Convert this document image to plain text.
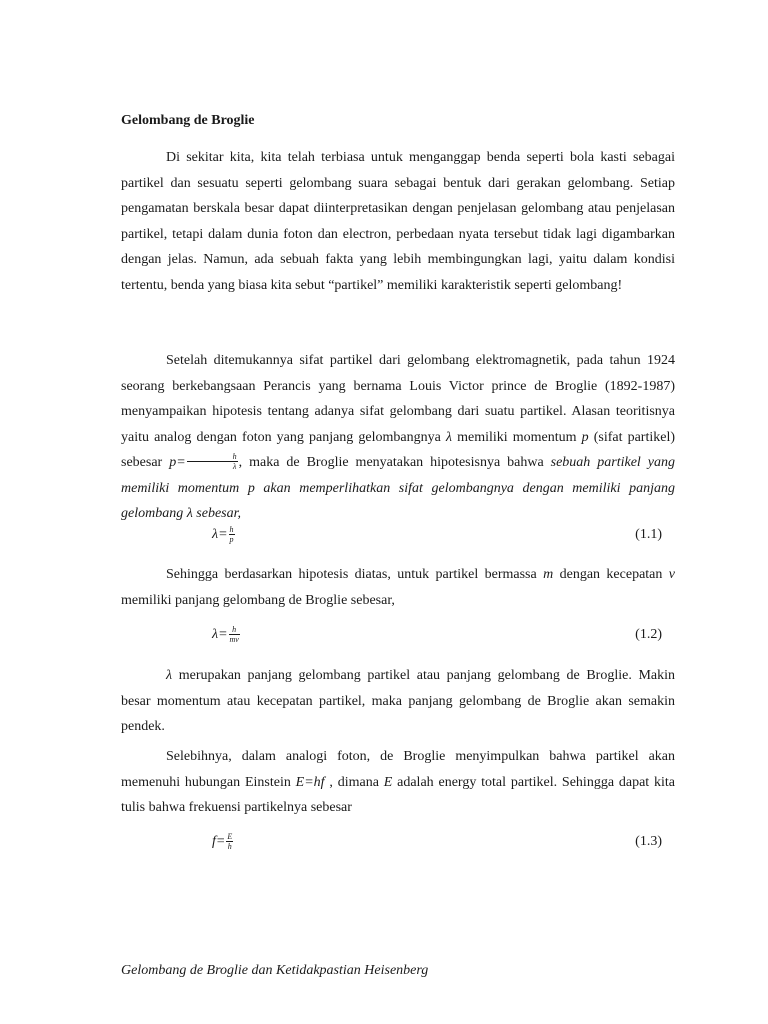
Gelombang de Broglie

Di sekitar kita, kita telah terbiasa untuk menganggap benda seperti bola kasti sebagai partikel dan sesuatu seperti gelombang suara sebagai bentuk dari gerakan gelombang. Setiap pengamatan berskala besar dapat diinterpretasikan dengan penjelasan gelombang atau penjelasan partikel, tetapi dalam dunia foton dan electron, perbedaan nyata tersebut tidak lagi digambarkan dengan jelas. Namun, ada sebuah fakta yang lebih membingungkan lagi, yaitu dalam kondisi tertentu, benda yang biasa kita sebut “partikel” memiliki karakteristik seperti gelombang!

Setelah ditemukannya sifat partikel dari gelombang elektromagnetik, pada tahun 1924 seorang berkebangsaan Perancis yang bernama Louis Victor prince de Broglie (1892-1987) menyampaikan hipotesis tentang adanya sifat gelombang dari suatu partikel. Alasan teoritisnya yaitu analog dengan foton yang panjang gelombangnya λ memiliki momentum p (sifat partikel) sebesar $p= \frac{h}{\lambda}$ , maka de Broglie menyatakan hipotesisnya bahwa sebuah partikel yang memiliki momentum p akan memperlihatkan sifat gelombangnya dengan memiliki panjang gelombang λ sebesar,

$\lambda= \frac{h}{p}$	(1.1)

Sehingga berdasarkan hipotesis diatas, untuk partikel bermassa m dengan kecepatan ν memiliki panjang gelombang de Broglie sebesar,

$\lambda= \frac{h}{mv}$	(1.2)

λ merupakan panjang gelombang partikel atau panjang gelombang de Broglie. Makin besar momentum atau kecepatan partikel, maka panjang gelombang de Broglie akan semakin pendek.

Selebihnya, dalam analogi foton, de Broglie menyimpulkan bahwa partikel akan memenuhi hubungan Einstein E=hf , dimana E adalah energy total partikel. Sehingga dapat kita tulis bahwa frekuensi partikelnya sebesar

$f= \frac{E}{h}$	(1.3)

Gelombang de Broglie dan Ketidakpastian Heisenberg
